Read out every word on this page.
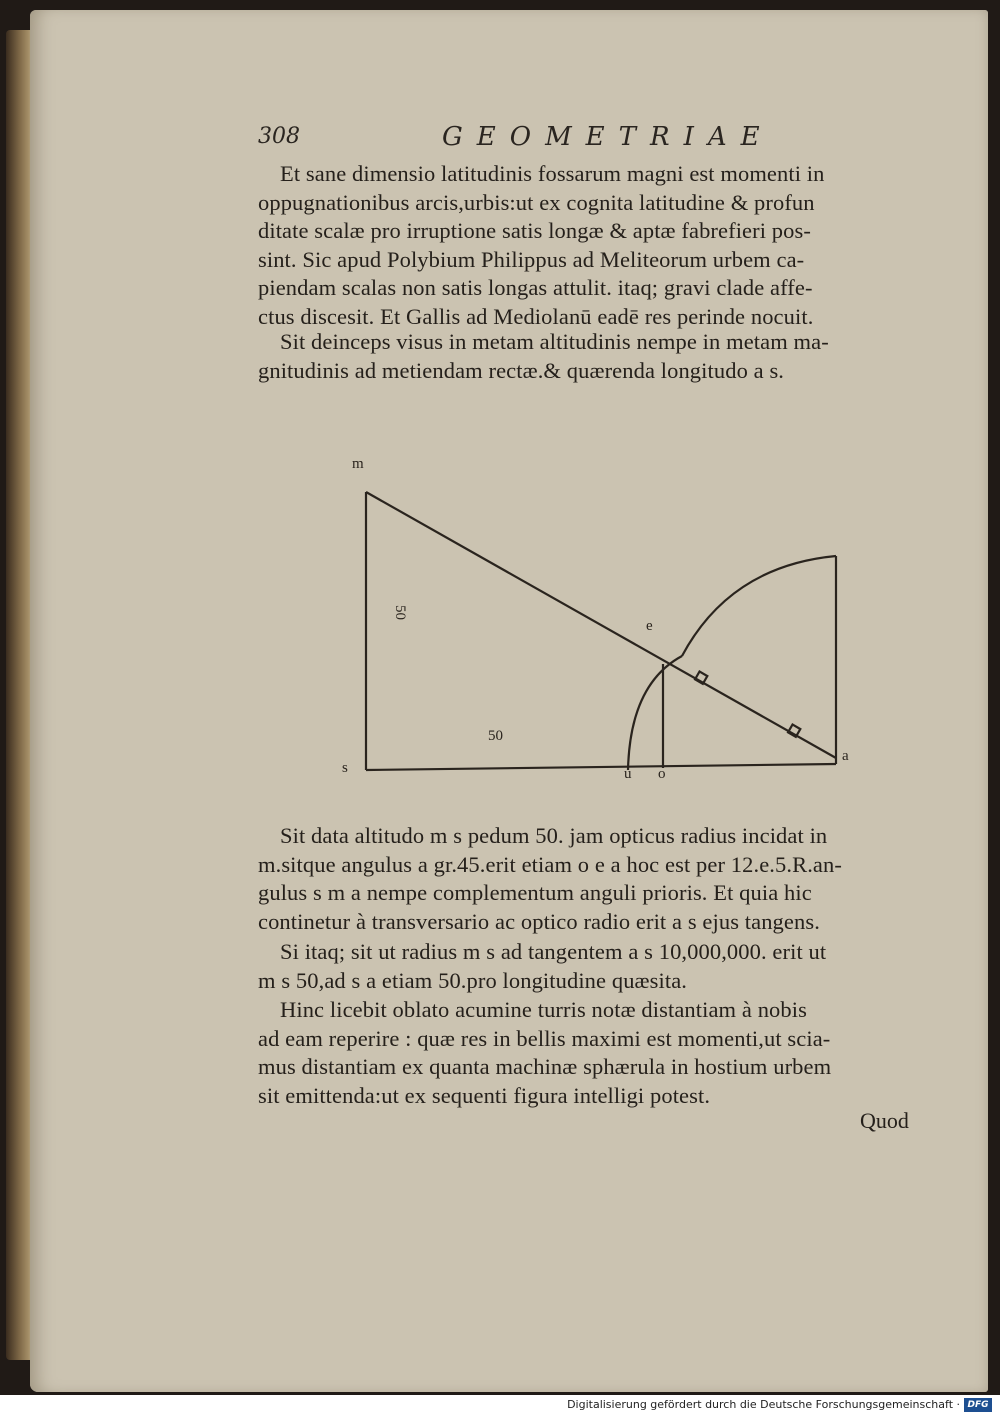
308	GEOMETRIAE
Et sane dimensio latitudinis fossarum magni est momenti in
oppugnationibus arcis,urbis:ut ex cognita latitudine & profun
ditate scalæ pro irruptione satis longæ & aptæ fabrefieri pos-
sint. Sic apud Polybium Philippus ad Meliteorum urbem ca-
piendam scalas non satis longas attulit. itaq; gravi clade affe-
ctus discesit. Et Gallis ad Mediolanū eadē res perinde nocuit.
Sit deinceps visus in metam altitudinis nempe in metam ma-
gnitudinis ad metiendam rectæ.& quærenda longitudo a s.
m
s
a
e
o
u
50
50
Sit data altitudo m s pedum 50. jam opticus radius incidat in
m.sitque angulus a gr.45.erit etiam o e a hoc est per 12.e.5.R.an-
gulus s m a nempe complementum anguli prioris. Et quia hic
continetur à transversario ac optico radio erit a s ejus tangens.
Si itaq; sit ut radius m s ad tangentem a s 10,000,000. erit ut
m s 50,ad s a etiam 50.pro longitudine quæsita.
Hinc licebit oblato acumine turris notæ distantiam à nobis
ad eam reperire : quæ res in bellis maximi est momenti,ut scia-
mus distantiam ex quanta machinæ sphærula in hostium urbem
sit emittenda:ut ex sequenti figura intelligi potest.
Quod
Digitalisierung gefördert durch die Deutsche Forschungsgemeinschaft · DFG
